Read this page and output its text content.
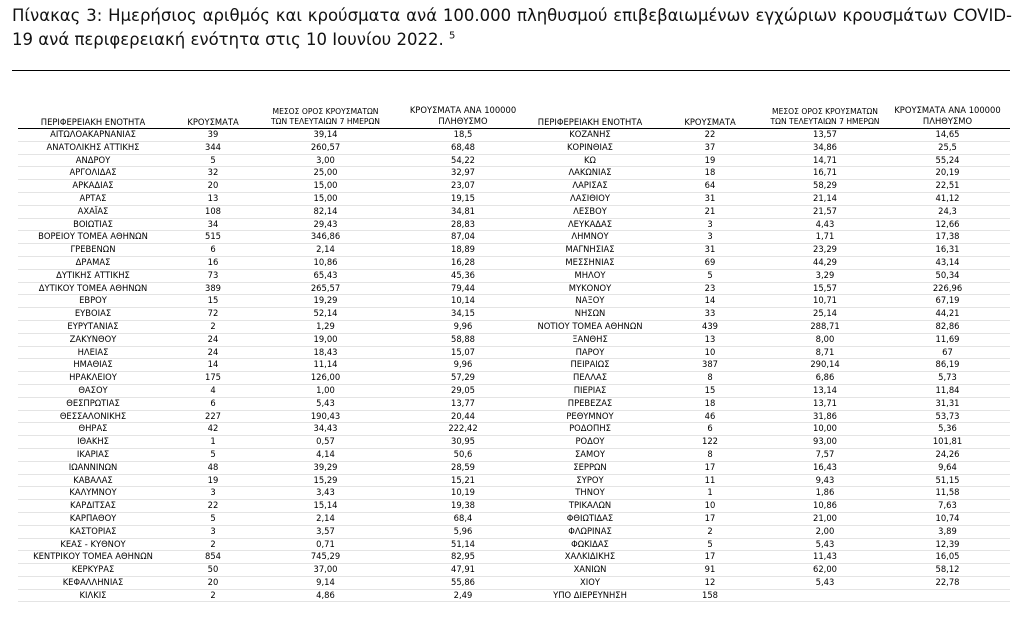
Πίνακας 3: Ημερήσιος αριθμός και κρούσματα ανά 100.000 πληθυσμού επιβεβαιωμένων εγχώριων κρουσμάτων COVID-19 ανά περιφερειακή ενότητα στις 10 Ιουνίου 2022. $^5$
ΠΕΡΙΦΕΡΕΙΑΚΗ ΕΝΟΤΗΤΑ	ΚΡΟΥΣΜΑΤΑ
ΜΕΣΟΣ ΟΡΟΣ ΚΡΟΥΣΜΑΤΩΝ
ΤΩΝ ΤΕΛΕΥΤΑΙΩΝ 7 ΗΜΕΡΩΝ
ΚΡΟΥΣΜΑΤΑ ΑΝΑ 100000
ΠΛΗΘΥΣΜΟ
ΑΙΤΩΛΟΑΚΑΡΝΑΝΙΑΣ	39	39,14	18,5
ΑΝΑΤΟΛΙΚΗΣ ΑΤΤΙΚΗΣ	344	260,57	68,48
ΑΝΔΡΟΥ	5	3,00	54,22
ΑΡΓΟΛΙΔΑΣ	32	25,00	32,97
ΑΡΚΑΔΙΑΣ	20	15,00	23,07
ΑΡΤΑΣ	13	15,00	19,15
ΑΧΑΪΑΣ	108	82,14	34,81
ΒΟΙΩΤΙΑΣ	34	29,43	28,83
ΒΟΡΕΙΟΥ ΤΟΜΕΑ ΑΘΗΝΩΝ	515	346,86	87,04
ΓΡΕΒΕΝΩΝ	6	2,14	18,89
ΔΡΑΜΑΣ	16	10,86	16,28
ΔΥΤΙΚΗΣ ΑΤΤΙΚΗΣ	73	65,43	45,36
ΔΥΤΙΚΟΥ ΤΟΜΕΑ ΑΘΗΝΩΝ	389	265,57	79,44
ΕΒΡΟΥ	15	19,29	10,14
ΕΥΒΟΙΑΣ	72	52,14	34,15
ΕΥΡΥΤΑΝΙΑΣ	2	1,29	9,96
ΖΑΚΥΝΘΟΥ	24	19,00	58,88
ΗΛΕΙΑΣ	24	18,43	15,07
ΗΜΑΘΙΑΣ	14	11,14	9,96
ΗΡΑΚΛΕΙΟΥ	175	126,00	57,29
ΘΑΣΟΥ	4	1,00	29,05
ΘΕΣΠΡΩΤΙΑΣ	6	5,43	13,77
ΘΕΣΣΑΛΟΝΙΚΗΣ	227	190,43	20,44
ΘΗΡΑΣ	42	34,43	222,42
ΙΘΑΚΗΣ	1	0,57	30,95
ΙΚΑΡΙΑΣ	5	4,14	50,6
ΙΩΑΝΝΙΝΩΝ	48	39,29	28,59
ΚΑΒΑΛΑΣ	19	15,29	15,21
ΚΑΛΥΜΝΟΥ	3	3,43	10,19
ΚΑΡΔΙΤΣΑΣ	22	15,14	19,38
ΚΑΡΠΑΘΟΥ	5	2,14	68,4
ΚΑΣΤΟΡΙΑΣ	3	3,57	5,96
ΚΕΑΣ - ΚΥΘΝΟΥ	2	0,71	51,14
ΚΕΝΤΡΙΚΟΥ ΤΟΜΕΑ ΑΘΗΝΩΝ	854	745,29	82,95
ΚΕΡΚΥΡΑΣ	50	37,00	47,91
ΚΕΦΑΛΛΗΝΙΑΣ	20	9,14	55,86
ΚΙΛΚΙΣ	2	4,86	2,49
ΠΕΡΙΦΕΡΕΙΑΚΗ ΕΝΟΤΗΤΑ	ΚΡΟΥΣΜΑΤΑ
ΜΕΣΟΣ ΟΡΟΣ ΚΡΟΥΣΜΑΤΩΝ
ΤΩΝ ΤΕΛΕΥΤΑΙΩΝ 7 ΗΜΕΡΩΝ
ΚΡΟΥΣΜΑΤΑ ΑΝΑ 100000
ΠΛΗΘΥΣΜΟ
ΚΟΖΑΝΗΣ	22	13,57	14,65
ΚΟΡΙΝΘΙΑΣ	37	34,86	25,5
ΚΩ	19	14,71	55,24
ΛΑΚΩΝΙΑΣ	18	16,71	20,19
ΛΑΡΙΣΑΣ	64	58,29	22,51
ΛΑΣΙΘΙΟΥ	31	21,14	41,12
ΛΕΣΒΟΥ	21	21,57	24,3
ΛΕΥΚΑΔΑΣ	3	4,43	12,66
ΛΗΜΝΟΥ	3	1,71	17,38
ΜΑΓΝΗΣΙΑΣ	31	23,29	16,31
ΜΕΣΣΗΝΙΑΣ	69	44,29	43,14
ΜΗΛΟΥ	5	3,29	50,34
ΜΥΚΟΝΟΥ	23	15,57	226,96
ΝΑΞΟΥ	14	10,71	67,19
ΝΗΣΩΝ	33	25,14	44,21
ΝΟΤΙΟΥ ΤΟΜΕΑ ΑΘΗΝΩΝ	439	288,71	82,86
ΞΑΝΘΗΣ	13	8,00	11,69
ΠΑΡΟΥ	10	8,71	67
ΠΕΙΡΑΙΩΣ	387	290,14	86,19
ΠΕΛΛΑΣ	8	6,86	5,73
ΠΙΕΡΙΑΣ	15	13,14	11,84
ΠΡΕΒΕΖΑΣ	18	13,71	31,31
ΡΕΘΥΜΝΟΥ	46	31,86	53,73
ΡΟΔΟΠΗΣ	6	10,00	5,36
ΡΟΔΟΥ	122	93,00	101,81
ΣΑΜΟΥ	8	7,57	24,26
ΣΕΡΡΩΝ	17	16,43	9,64
ΣΥΡΟΥ	11	9,43	51,15
ΤΗΝΟΥ	1	1,86	11,58
ΤΡΙΚΑΛΩΝ	10	10,86	7,63
ΦΘΙΩΤΙΔΑΣ	17	21,00	10,74
ΦΛΩΡΙΝΑΣ	2	2,00	3,89
ΦΩΚΙΔΑΣ	5	5,43	12,39
ΧΑΛΚΙΔΙΚΗΣ	17	11,43	16,05
ΧΑΝΙΩΝ	91	62,00	58,12
ΧΙΟΥ	12	5,43	22,78
ΥΠΟ ΔΙΕΡΕΥΝΗΣΗ	158
